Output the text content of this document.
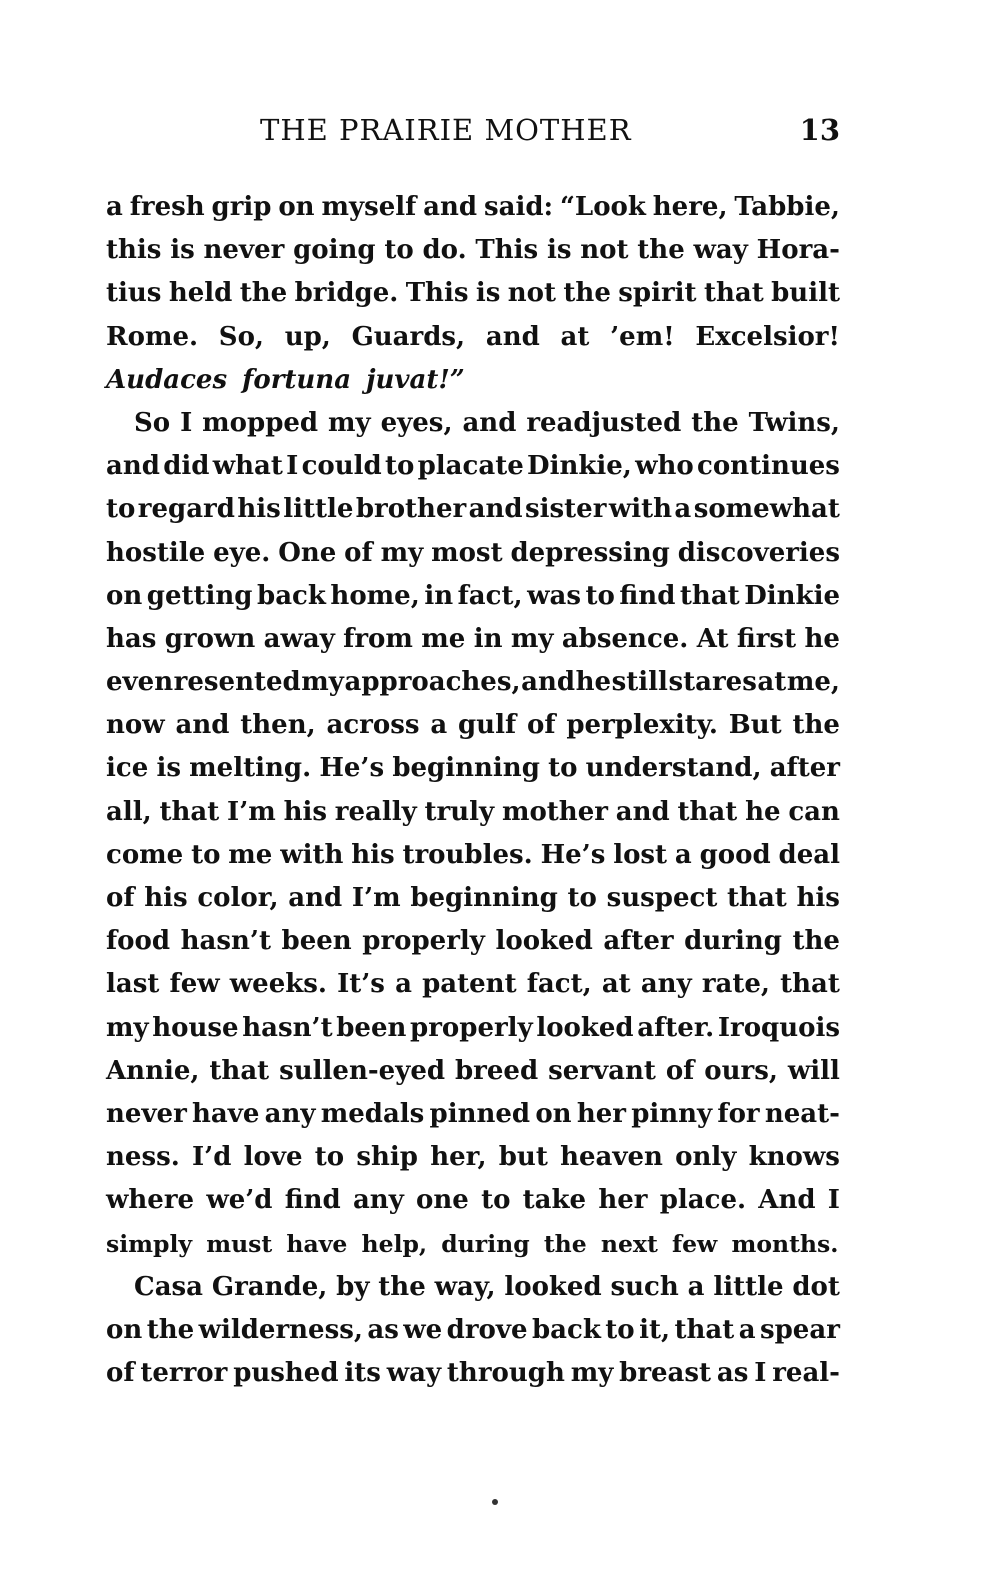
THE PRAIRIE MOTHER	13
a fresh grip on myself and said: “Look here, Tabbie,
this is never going to do. This is not the way Hora-
tius held the bridge. This is not the spirit that built
Rome. So, up, Guards, and at ’em! Excelsior!
Audaces fortuna juvat!”
So I mopped my eyes, and readjusted the Twins,
and did what I could to placate Dinkie, who continues
to regard his little brother and sister with a somewhat
hostile eye. One of my most depressing discoveries
on getting back home, in fact, was to find that Dinkie
has grown away from me in my absence. At first he
even resented my approaches, and he still stares at me,
now and then, across a gulf of perplexity. But the
ice is melting. He’s beginning to understand, after
all, that I’m his really truly mother and that he can
come to me with his troubles. He’s lost a good deal
of his color, and I’m beginning to suspect that his
food hasn’t been properly looked after during the
last few weeks. It’s a patent fact, at any rate, that
my house hasn’t been properly looked after. Iroquois
Annie, that sullen-eyed breed servant of ours, will
never have any medals pinned on her pinny for neat-
ness. I’d love to ship her, but heaven only knows
where we’d find any one to take her place. And I
simply must have help, during the next few months.
Casa Grande, by the way, looked such a little dot
on the wilderness, as we drove back to it, that a spear
of terror pushed its way through my breast as I real-
